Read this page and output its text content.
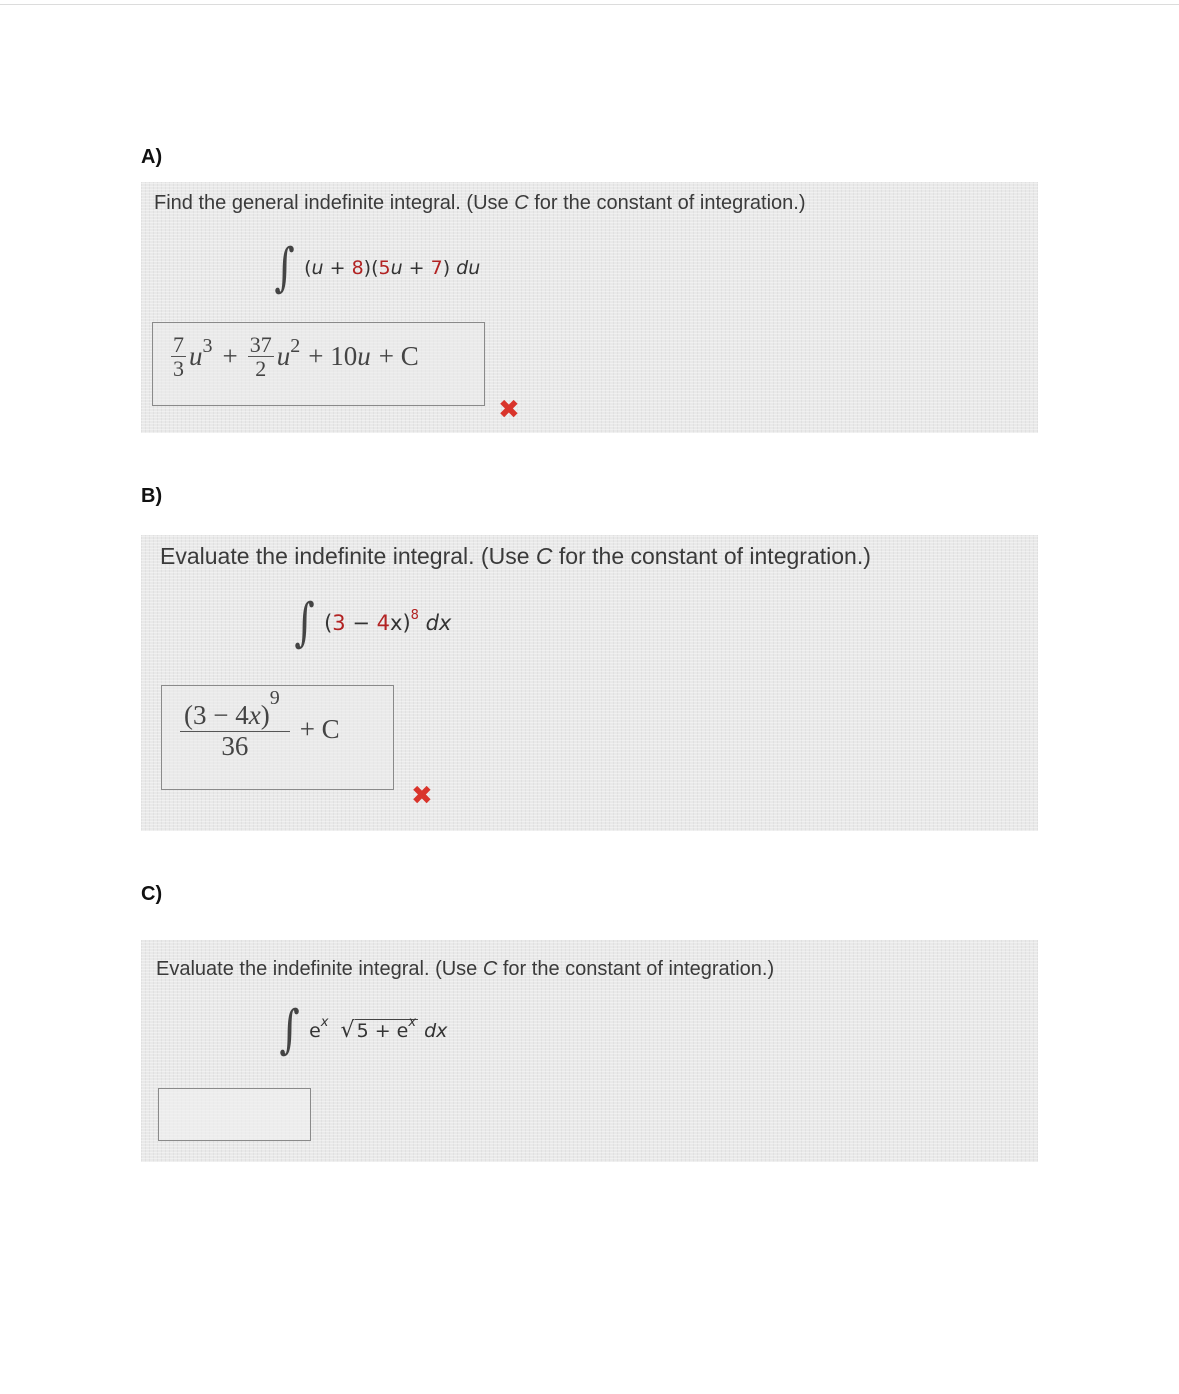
A)
Find the general indefinite integral. (Use C for the constant of integration.)
∫ (u + 8)(5u + 7) du
$\frac{7}{3} u^3 + \frac{37}{2} u^2 + 10$ u + C
✖
B)
Evaluate the indefinite integral. (Use C for the constant of integration.)
∫ $(3 - 4x)^8$ dx
$\frac{(3 - 4x)^9}{36} + C$
✖
C)
Evaluate the indefinite integral. (Use C for the constant of integration.)
∫ $e^x$ √ $5 + e^x$ dx
